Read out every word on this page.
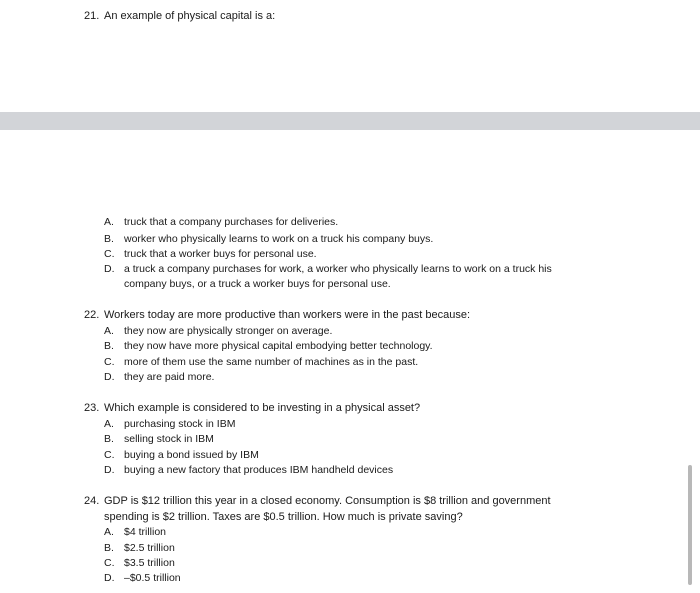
21. An example of physical capital is a:
A. truck that a company purchases for deliveries.
B. worker who physically learns to work on a truck his company buys.
C. truck that a worker buys for personal use.
D. a truck a company purchases for work, a worker who physically learns to work on a truck his
company buys, or a truck a worker buys for personal use.
22. Workers today are more productive than workers were in the past because:
A. they now are physically stronger on average.
B. they now have more physical capital embodying better technology.
C. more of them use the same number of machines as in the past.
D. they are paid more.
23. Which example is considered to be investing in a physical asset?
A. purchasing stock in IBM
B. selling stock in IBM
C. buying a bond issued by IBM
D. buying a new factory that produces IBM handheld devices
24. GDP is $12 trillion this year in a closed economy. Consumption is $8 trillion and government
spending is $2 trillion. Taxes are $0.5 trillion. How much is private saving?
A. $4 trillion
B. $2.5 trillion
C. $3.5 trillion
D. –$0.5 trillion
